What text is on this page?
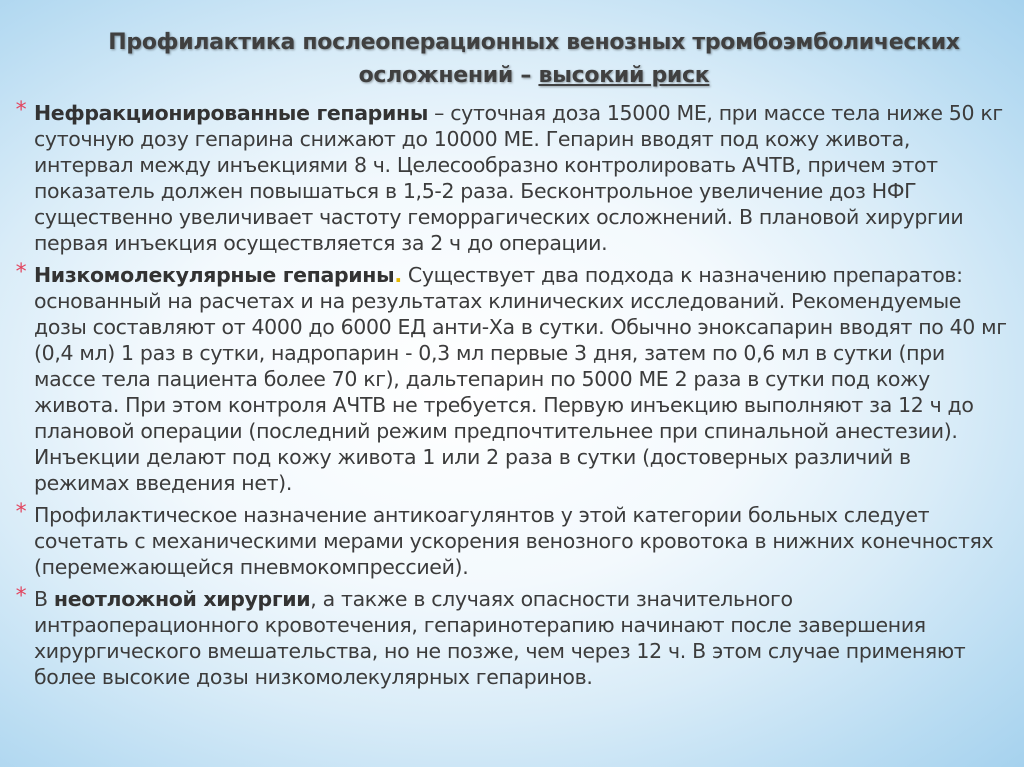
Профилактика послеоперационных венозных тромбоэмболических
осложнений – высокий риск
* Нефракционированные гепарины – суточная доза 15000 МЕ, при массе тела ниже 50 кг суточную дозу гепарина снижают до 10000 МЕ. Гепарин вводят под кожу живота, интервал между инъекциями 8 ч. Целесообразно контролировать АЧТВ, причем этот показатель должен повышаться в 1,5-2 раза. Бесконтрольное увеличение доз НФГ существенно увеличивает частоту геморрагических осложнений. В плановой хирургии первая инъекция осуществляется за 2 ч до операции.
* Низкомолекулярные гепарины. Существует два подхода к назначению препаратов: основанный на расчетах и на результатах клинических исследований. Рекомендуемые дозы составляют от 4000 до 6000 ЕД анти-Ха в сутки. Обычно эноксапарин вводят по 40 мг (0,4 мл) 1 раз в сутки, надропарин - 0,3 мл первые 3 дня, затем по 0,6 мл в сутки (при массе тела пациента более 70 кг), дальтепарин по 5000 МЕ 2 раза в сутки под кожу живота. При этом контроля АЧТВ не требуется. Первую инъекцию выполняют за 12 ч до плановой операции (последний режим предпочтительнее при спинальной анестезии). Инъекции делают под кожу живота 1 или 2 раза в сутки (достоверных различий в режимах введения нет).
* Профилактическое назначение антикоагулянтов у этой категории больных следует сочетать с механическими мерами ускорения венозного кровотока в нижних конечностях (перемежающейся пневмокомпрессией).
* В неотложной хирургии, а также в случаях опасности значительного интраоперационного кровотечения, гепаринотерапию начинают после завершения хирургического вмешательства, но не позже, чем через 12 ч. В этом случае применяют более высокие дозы низкомолекулярных гепаринов.
